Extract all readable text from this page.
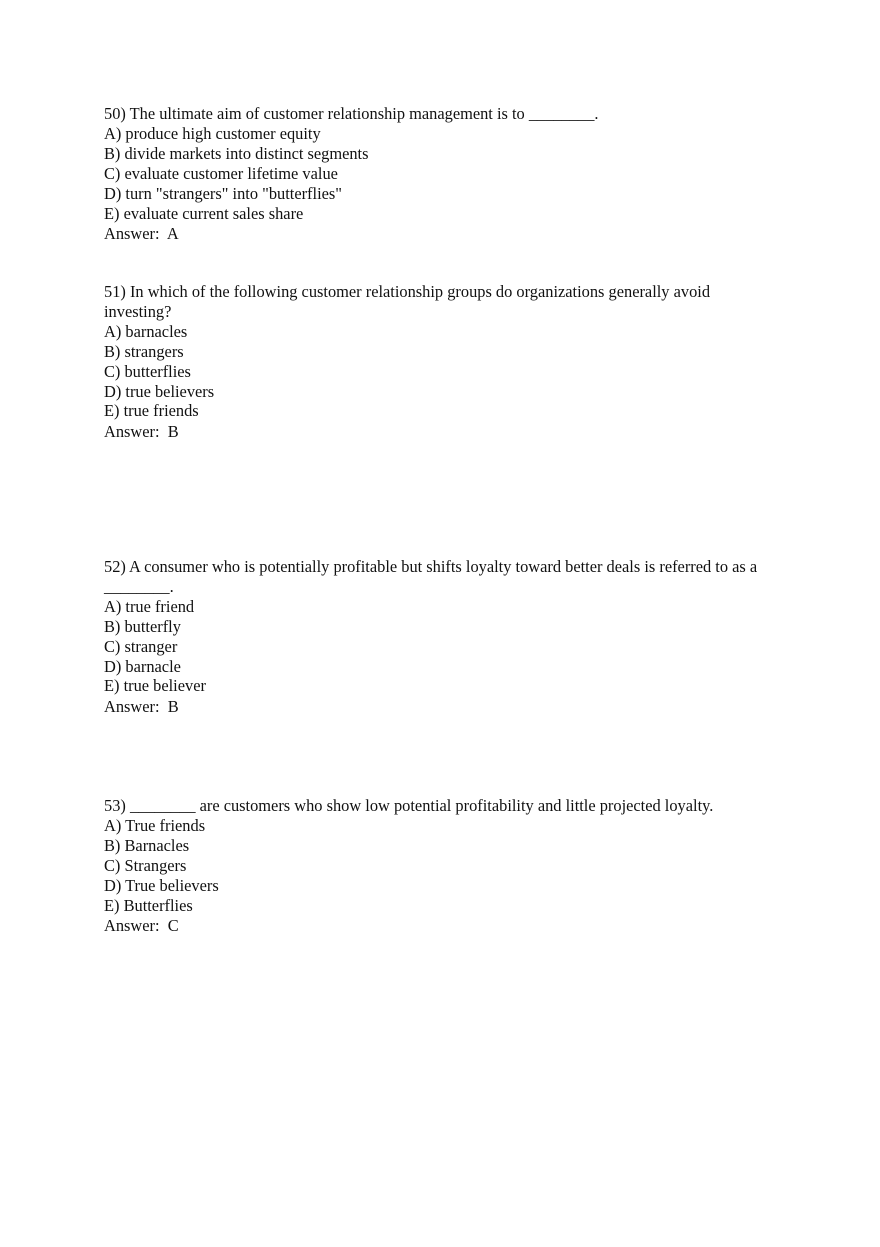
50) The ultimate aim of customer relationship management is to ________.
A) produce high customer equity
B) divide markets into distinct segments
C) evaluate customer lifetime value
D) turn "strangers" into "butterflies"
E) evaluate current sales share
Answer:  A
51) In which of the following customer relationship groups do organizations generally avoid investing?
A) barnacles
B) strangers
C) butterflies
D) true believers
E) true friends
Answer:  B
52) A consumer who is potentially profitable but shifts loyalty toward better deals is referred to as a ________.
A) true friend
B) butterfly
C) stranger
D) barnacle
E) true believer
Answer:  B
53) ________ are customers who show low potential profitability and little projected loyalty.
A) True friends
B) Barnacles
C) Strangers
D) True believers
E) Butterflies
Answer:  C
